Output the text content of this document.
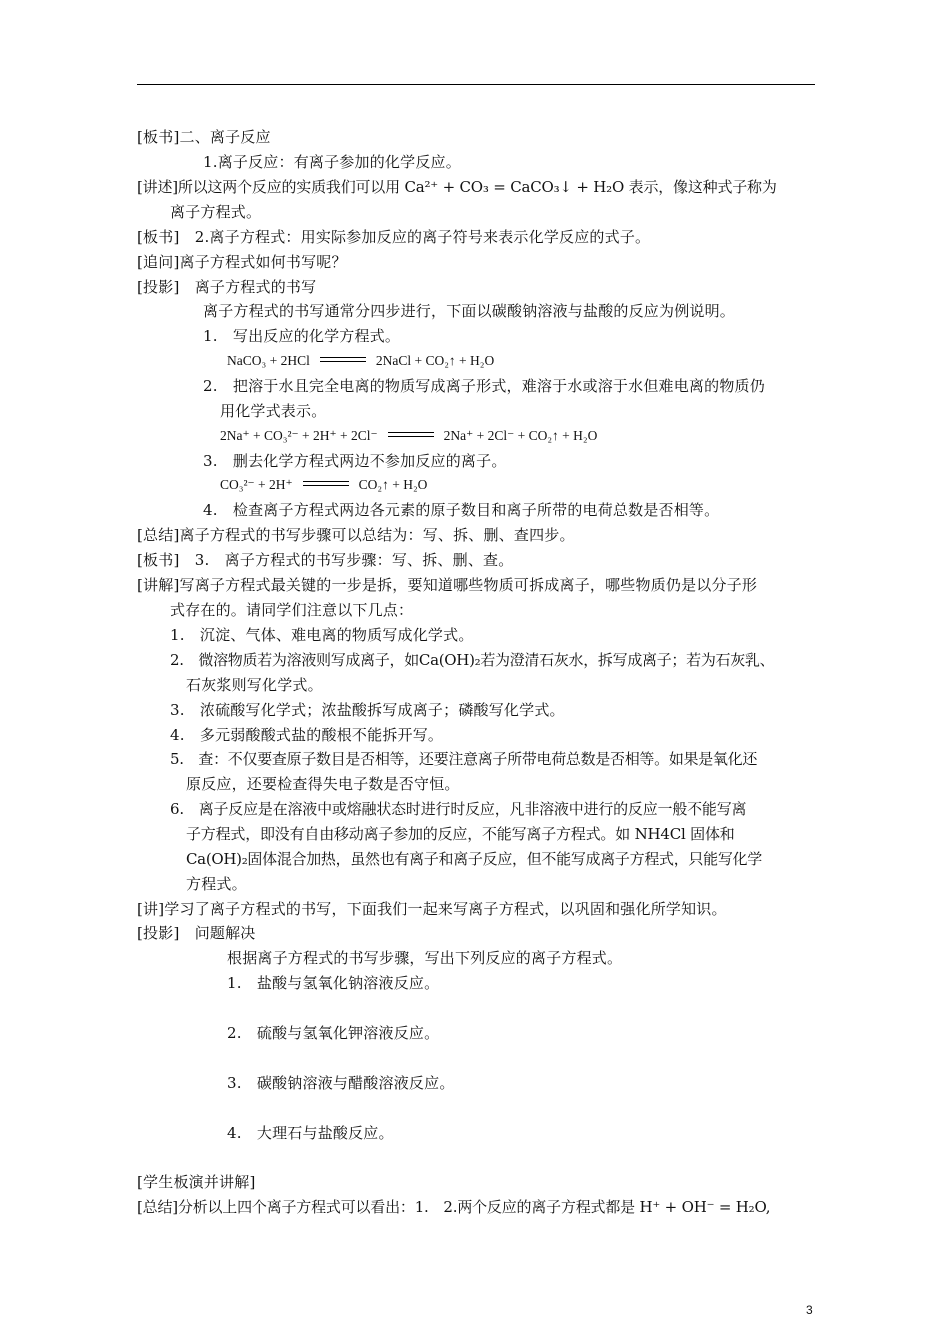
[板书]二、离子反应
1.离子反应：有离子参加的化学反应。
[讲述]所以这两个反应的实质我们可以用 Ca²⁺ + CO₃ = CaCO₃↓ + H₂O 表示，像这种式子称为
离子方程式。
[板书]　2.离子方程式：用实际参加反应的离子符号来表示化学反应的式子。
[追问]离子方程式如何书写呢？
[投影]　离子方程式的书写
离子方程式的书写通常分四步进行，下面以碳酸钠溶液与盐酸的反应为例说明。
1.　写出反应的化学方程式。
NaCO₃ + 2HCl	2NaCl + CO₂↑ + H₂O
2.　把溶于水且完全电离的物质写成离子形式，难溶于水或溶于水但难电离的物质仍
用化学式表示。
2Na⁺ + CO₃²⁻ + 2H⁺ + 2Cl⁻	2Na⁺ + 2Cl⁻ + CO₂↑ + H₂O
3.　删去化学方程式两边不参加反应的离子。
CO₃²⁻ + 2H⁺	CO₂↑ + H₂O
4.　检查离子方程式两边各元素的原子数目和离子所带的电荷总数是否相等。
[总结]离子方程式的书写步骤可以总结为：写、拆、删、查四步。
[板书]　3.　离子方程式的书写步骤：写、拆、删、查。
[讲解]写离子方程式最关键的一步是拆，要知道哪些物质可拆成离子，哪些物质仍是以分子形
式存在的。请同学们注意以下几点：
1.　沉淀、气体、难电离的物质写成化学式。
2.　微溶物质若为溶液则写成离子，如Ca(OH)₂若为澄清石灰水，拆写成离子；若为石灰乳、
石灰浆则写化学式。
3.　浓硫酸写化学式；浓盐酸拆写成离子；磷酸写化学式。
4.　多元弱酸酸式盐的酸根不能拆开写。
5.　查：不仅要查原子数目是否相等，还要注意离子所带电荷总数是否相等。如果是氧化还
原反应，还要检查得失电子数是否守恒。
6.　离子反应是在溶液中或熔融状态时进行时反应，凡非溶液中进行的反应一般不能写离
子方程式，即没有自由移动离子参加的反应，不能写离子方程式。如 NH4Cl 固体和
Ca(OH)₂固体混合加热，虽然也有离子和离子反应，但不能写成离子方程式，只能写化学
方程式。
[讲]学习了离子方程式的书写，下面我们一起来写离子方程式，以巩固和强化所学知识。
[投影]　问题解决
根据离子方程式的书写步骤，写出下列反应的离子方程式。
1.　盐酸与氢氧化钠溶液反应。
2.　硫酸与氢氧化钾溶液反应。
3.　碳酸钠溶液与醋酸溶液反应。
4.　大理石与盐酸反应。
[学生板演并讲解]
[总结]分析以上四个离子方程式可以看出：1.　2.两个反应的离子方程式都是 H⁺ + OH⁻ = H₂O,
3
